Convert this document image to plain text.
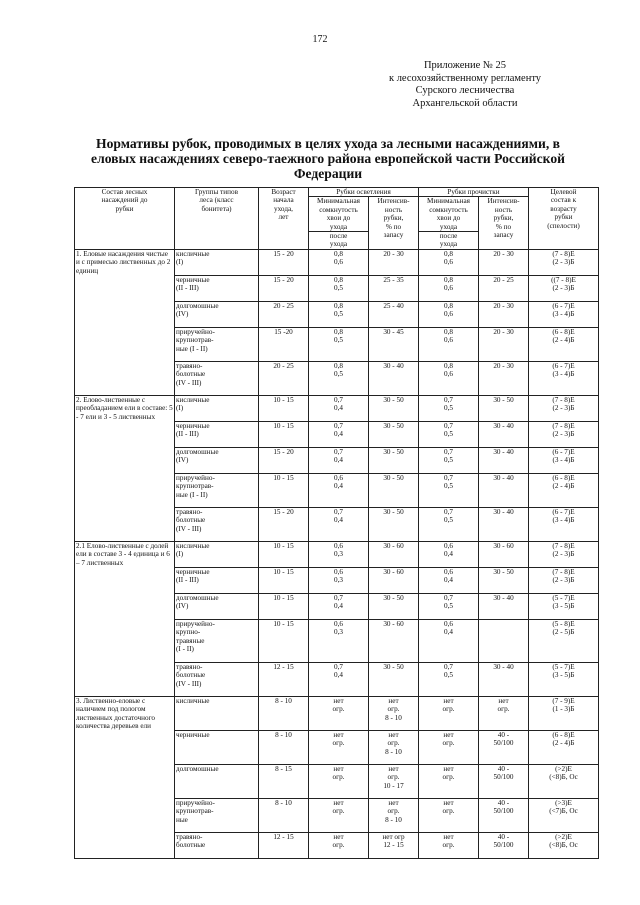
172
Приложение № 25
к лесохозяйственному регламенту
Сурского лесничества
Архангельской области
Нормативы рубок, проводимых в целях ухода за лесными насаждениями, в еловых насаждениях северо-таежного района европейской части Российской Федерации
Состав лесных
насаждений до
рубки	Группы типов
леса (класс
бонитета)	Возраст
начала
ухода,
лет	Рубки осветления		Рубки прочистки		Целевой
состав к
возрасту
рубки
(спелости)
			Минимальная
сомкнутость
хвои до
ухода	Интенсив-
ность
рубки,
% по
запасу	Минимальная
сомкнутость
хвои до
ухода	Интенсив-
ность
рубки,
% по
запасу	
			после
ухода		после
ухода		
1. Еловые насаждения чистые и с примесью лиственных до 2 единиц	кисличные
(I)	15 - 20	0,8
0,6	20 - 30	0,8
0,6	20 - 30	(7 - 8)Е
(2 - 3)Б
	черничные
(II - III)	15 - 20	0,8
0,5	25 - 35	0,8
0,6	20 - 25	((7 - 8)Е
(2 - 3)Б
	долгомошные
(IV)	20 - 25	0,8
0,5	25 - 40	0,8
0,6	20 - 30	(6 - 7)Е
(3 - 4)Б
	приручейно-
крупнотрав-
ные (I - II)	15 -20	0,8
0,5	30 - 45	0,8
0,6	20 - 30	(6 - 8)Е
(2 - 4)Б
	травяно-
болотные
(IV - III)	20 - 25	0,8
0,5	30 - 40	0,8
0,6	20 - 30	(6 - 7)Е
(3 - 4)Б
2. Елово-лиственные с преобладанием ели в составе: 5 - 7 ели и 3 - 5 лиственных	кисличные
(I)	10 - 15	0,7
0,4	30 - 50	0,7
0,5	30 - 50	(7 - 8)Е
(2 - 3)Б
	черничные
(II - III)	10 - 15	0,7
0,4	30 - 50	0,7
0,5	30 - 40	(7 - 8)Е
(2 - 3)Б
	долгомошные
(IV)	15 - 20	0,7
0,4	30 - 50	0,7
0,5	30 - 40	(6 - 7)Е
(3 - 4)Б
	приручейно-
крупнотрав-
ные (I - II)	10 - 15	0,6
0,4	30 - 50	0,7
0,5	30 - 40	(6 - 8)Е
(2 - 4)Б
	травяно-
болотные
(IV - III)	15 - 20	0,7
0,4	30 - 50	0,7
0,5	30 - 40	(6 - 7)Е
(3 - 4)Б
2.1 Елово-лиственные с долей ели в составе 3 - 4 единица и 6 – 7 лиственных	кисличные
(I)	10 - 15	0,6
0,3	30 - 60	0,6
0,4	30 - 60	(7 - 8)Е
(2 - 3)Б
	черничные
(II - III)	10 - 15	0,6
0,3	30 - 60	0,6
0,4	30 - 50	(7 - 8)Е
(2 - 3)Б
	долгомошные
(IV)	10 - 15	0,7
0,4	30 - 50	0,7
0,5	30 - 40	(5 - 7)Е
(3 - 5)Б
	приручейно-
крупно-
травяные
(I - II)	10 - 15	0,6
0,3	30 - 60	0,6
0,4		(5 - 8)Е
(2 - 5)Б
	травяно-
болотные
(IV - III)	12 - 15	0,7
0,4	30 - 50	0,7
0,5	30 - 40	(5 - 7)Е
(3 - 5)Б
3. Лиственно-еловые с наличием под пологом лиственных достаточного количества деревьев ели	кисличные	8 - 10	нет
огр.	нет
огр.
8 - 10	нет
огр.	нет
огр.	(7 - 9)Е
(1 - 3)Б
	черничные	8 - 10	нет
огр.	нет
огр.
8 - 10	нет
огр.	40 -
50/100	(6 - 8)Е
(2 - 4)Б
	долгомошные	8 - 15	нет
огр.	нет
огр.
10 - 17	нет
огр.	40 -
50/100	(>2)Е
(<8)Б, Ос
	приручейно-
крупнотрав-
ные	8 - 10	нет
огр.	нет
огр.
8 - 10	нет
огр.	40 -
50/100	(>3)Е
(<7)Б, Ос
	травяно-
болотные	12 - 15	нет
огр.	нет огр
12 - 15	нет
огр.	40 -
50/100	(>2)Е
(<8)Б, Ос
